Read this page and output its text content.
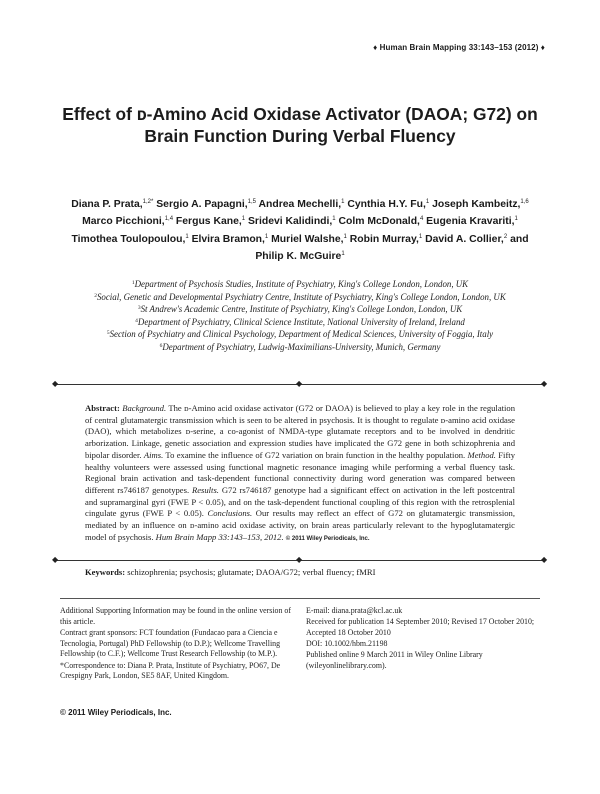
♦ Human Brain Mapping 33:143–153 (2012) ♦
Effect of ᴅ-Amino Acid Oxidase Activator (DAOA; G72) on Brain Function During Verbal Fluency
Diana P. Prata,$^{1,2*}$ Sergio A. Papagni,$^{1,5}$ Andrea Mechelli,$^1$ Cynthia H.Y. Fu,$^1$ Joseph Kambeitz,$^{1,6}$ Marco Picchioni,$^{1,4}$ Fergus Kane,$^1$ Sridevi Kalidindi,$^1$ Colm McDonald,$^4$ Eugenia Kravariti,$^1$ Timothea Toulopoulou,$^1$ Elvira Bramon,$^1$ Muriel Walshe,$^1$ Robin Murray,$^1$ David A. Collier,$^2$ and Philip K. McGuire$^1$
$^1$Department of Psychosis Studies, Institute of Psychiatry, King's College London, London, UK
$^2$Social, Genetic and Developmental Psychiatry Centre, Institute of Psychiatry, King's College London, London, UK
$^3$St Andrew's Academic Centre, Institute of Psychiatry, King's College London, London, UK
$^4$Department of Psychiatry, Clinical Science Institute, National University of Ireland, Ireland
$^5$Section of Psychiatry and Clinical Psychology, Department of Medical Sciences, University of Foggia, Italy
$^6$Department of Psychiatry, Ludwig-Maximilians-University, Munich, Germany
◆	◆	◆
Abstract: Background. The ᴅ-Amino acid oxidase activator (G72 or DAOA) is believed to play a key role in the regulation of central glutamatergic transmission which is seen to be altered in psychosis. It is thought to regulate ᴅ-amino acid oxidase (DAO), which metabolizes ᴅ-serine, a co-agonist of NMDA-type glutamate receptors and to be involved in dendritic arborization. Linkage, genetic association and expression studies have implicated the G72 gene in both schizophrenia and bipolar disorder. Aims. To examine the influence of G72 variation on brain function in the healthy population. Method. Fifty healthy volunteers were assessed using functional magnetic resonance imaging while performing a verbal fluency task. Regional brain activation and task-dependent functional connectivity during word generation was compared between different rs746187 genotypes. Results. G72 rs746187 genotype had a significant effect on activation in the left postcentral and supramarginal gyri (FWE P < 0.05), and on the task-dependent functional coupling of this region with the retrosplenial cingulate gyrus (FWE P < 0.05). Conclusions. Our results may reflect an effect of G72 on glutamatergic transmission, mediated by an influence on ᴅ-amino acid oxidase activity, on brain areas particularly relevant to the hypoglutamatergic model of psychosis. Hum Brain Mapp 33:143–153, 2012. © 2011 Wiley Periodicals, Inc.
◆	◆	◆
Keywords: schizophrenia; psychosis; glutamate; DAOA/G72; verbal fluency; fMRI

Additional Supporting Information may be found in the online version of this article.

Contract grant sponsors: FCT foundation (Fundacao para a Ciencia e Tecnologia, Portugal) PhD Fellowship (to D.P.); Wellcome Travelling Fellowship (to C.F.); Wellcome Trust Research Fellowship (to M.P.).

*Correspondence to: Diana P. Prata, Institute of Psychiatry, PO67, De Crespigny Park, London, SE5 8AF, United Kingdom.

E-mail: diana.prata@kcl.ac.uk

Received for publication 14 September 2010; Revised 17 October 2010; Accepted 18 October 2010

DOI: 10.1002/hbm.21198

Published online 9 March 2011 in Wiley Online Library (wileyonlinelibrary.com).

© 2011 Wiley Periodicals, Inc.
